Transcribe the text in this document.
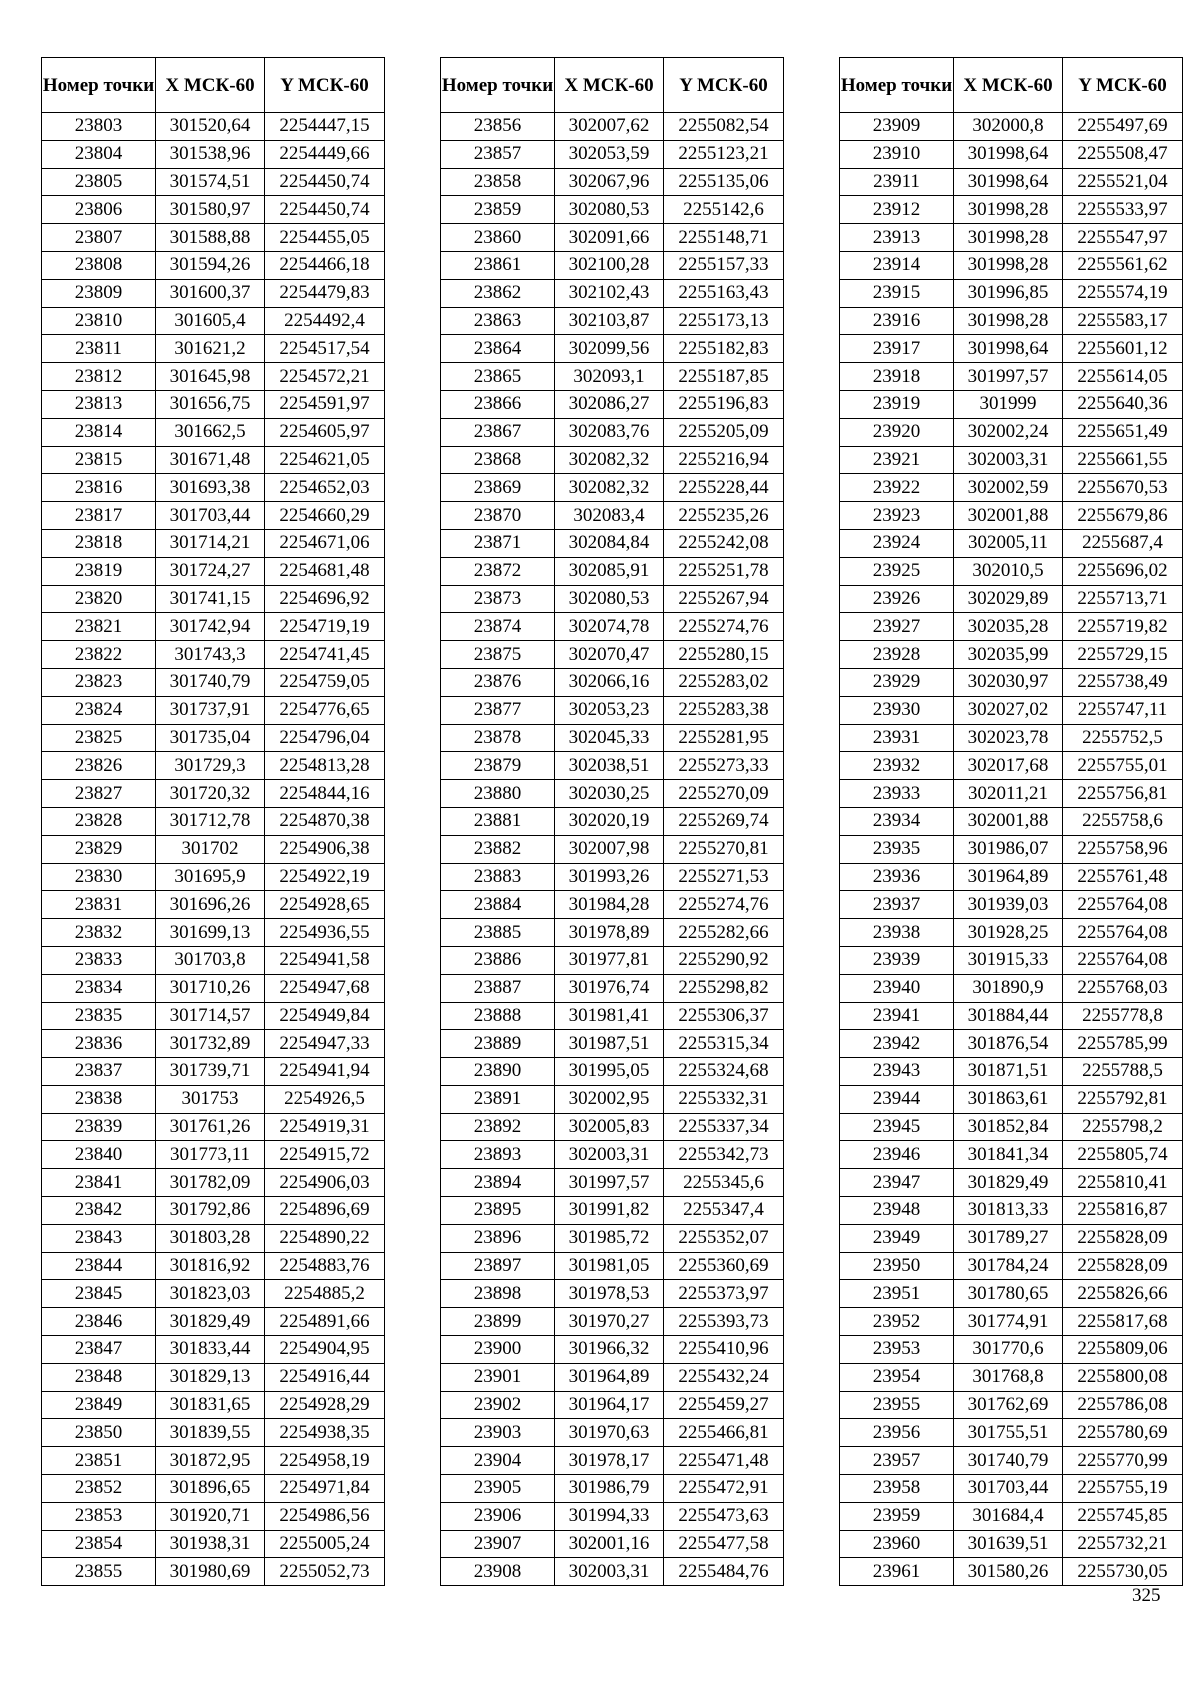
Номер точки	X МСК-60	Y МСК-60
23803	301520,64	2254447,15
23804	301538,96	2254449,66
23805	301574,51	2254450,74
23806	301580,97	2254450,74
23807	301588,88	2254455,05
23808	301594,26	2254466,18
23809	301600,37	2254479,83
23810	301605,4	2254492,4
23811	301621,2	2254517,54
23812	301645,98	2254572,21
23813	301656,75	2254591,97
23814	301662,5	2254605,97
23815	301671,48	2254621,05
23816	301693,38	2254652,03
23817	301703,44	2254660,29
23818	301714,21	2254671,06
23819	301724,27	2254681,48
23820	301741,15	2254696,92
23821	301742,94	2254719,19
23822	301743,3	2254741,45
23823	301740,79	2254759,05
23824	301737,91	2254776,65
23825	301735,04	2254796,04
23826	301729,3	2254813,28
23827	301720,32	2254844,16
23828	301712,78	2254870,38
23829	301702	2254906,38
23830	301695,9	2254922,19
23831	301696,26	2254928,65
23832	301699,13	2254936,55
23833	301703,8	2254941,58
23834	301710,26	2254947,68
23835	301714,57	2254949,84
23836	301732,89	2254947,33
23837	301739,71	2254941,94
23838	301753	2254926,5
23839	301761,26	2254919,31
23840	301773,11	2254915,72
23841	301782,09	2254906,03
23842	301792,86	2254896,69
23843	301803,28	2254890,22
23844	301816,92	2254883,76
23845	301823,03	2254885,2
23846	301829,49	2254891,66
23847	301833,44	2254904,95
23848	301829,13	2254916,44
23849	301831,65	2254928,29
23850	301839,55	2254938,35
23851	301872,95	2254958,19
23852	301896,65	2254971,84
23853	301920,71	2254986,56
23854	301938,31	2255005,24
23855	301980,69	2255052,73
Номер точки	X МСК-60	Y МСК-60
23856	302007,62	2255082,54
23857	302053,59	2255123,21
23858	302067,96	2255135,06
23859	302080,53	2255142,6
23860	302091,66	2255148,71
23861	302100,28	2255157,33
23862	302102,43	2255163,43
23863	302103,87	2255173,13
23864	302099,56	2255182,83
23865	302093,1	2255187,85
23866	302086,27	2255196,83
23867	302083,76	2255205,09
23868	302082,32	2255216,94
23869	302082,32	2255228,44
23870	302083,4	2255235,26
23871	302084,84	2255242,08
23872	302085,91	2255251,78
23873	302080,53	2255267,94
23874	302074,78	2255274,76
23875	302070,47	2255280,15
23876	302066,16	2255283,02
23877	302053,23	2255283,38
23878	302045,33	2255281,95
23879	302038,51	2255273,33
23880	302030,25	2255270,09
23881	302020,19	2255269,74
23882	302007,98	2255270,81
23883	301993,26	2255271,53
23884	301984,28	2255274,76
23885	301978,89	2255282,66
23886	301977,81	2255290,92
23887	301976,74	2255298,82
23888	301981,41	2255306,37
23889	301987,51	2255315,34
23890	301995,05	2255324,68
23891	302002,95	2255332,31
23892	302005,83	2255337,34
23893	302003,31	2255342,73
23894	301997,57	2255345,6
23895	301991,82	2255347,4
23896	301985,72	2255352,07
23897	301981,05	2255360,69
23898	301978,53	2255373,97
23899	301970,27	2255393,73
23900	301966,32	2255410,96
23901	301964,89	2255432,24
23902	301964,17	2255459,27
23903	301970,63	2255466,81
23904	301978,17	2255471,48
23905	301986,79	2255472,91
23906	301994,33	2255473,63
23907	302001,16	2255477,58
23908	302003,31	2255484,76
Номер точки	X МСК-60	Y МСК-60
23909	302000,8	2255497,69
23910	301998,64	2255508,47
23911	301998,64	2255521,04
23912	301998,28	2255533,97
23913	301998,28	2255547,97
23914	301998,28	2255561,62
23915	301996,85	2255574,19
23916	301998,28	2255583,17
23917	301998,64	2255601,12
23918	301997,57	2255614,05
23919	301999	2255640,36
23920	302002,24	2255651,49
23921	302003,31	2255661,55
23922	302002,59	2255670,53
23923	302001,88	2255679,86
23924	302005,11	2255687,4
23925	302010,5	2255696,02
23926	302029,89	2255713,71
23927	302035,28	2255719,82
23928	302035,99	2255729,15
23929	302030,97	2255738,49
23930	302027,02	2255747,11
23931	302023,78	2255752,5
23932	302017,68	2255755,01
23933	302011,21	2255756,81
23934	302001,88	2255758,6
23935	301986,07	2255758,96
23936	301964,89	2255761,48
23937	301939,03	2255764,08
23938	301928,25	2255764,08
23939	301915,33	2255764,08
23940	301890,9	2255768,03
23941	301884,44	2255778,8
23942	301876,54	2255785,99
23943	301871,51	2255788,5
23944	301863,61	2255792,81
23945	301852,84	2255798,2
23946	301841,34	2255805,74
23947	301829,49	2255810,41
23948	301813,33	2255816,87
23949	301789,27	2255828,09
23950	301784,24	2255828,09
23951	301780,65	2255826,66
23952	301774,91	2255817,68
23953	301770,6	2255809,06
23954	301768,8	2255800,08
23955	301762,69	2255786,08
23956	301755,51	2255780,69
23957	301740,79	2255770,99
23958	301703,44	2255755,19
23959	301684,4	2255745,85
23960	301639,51	2255732,21
23961	301580,26	2255730,05
325
